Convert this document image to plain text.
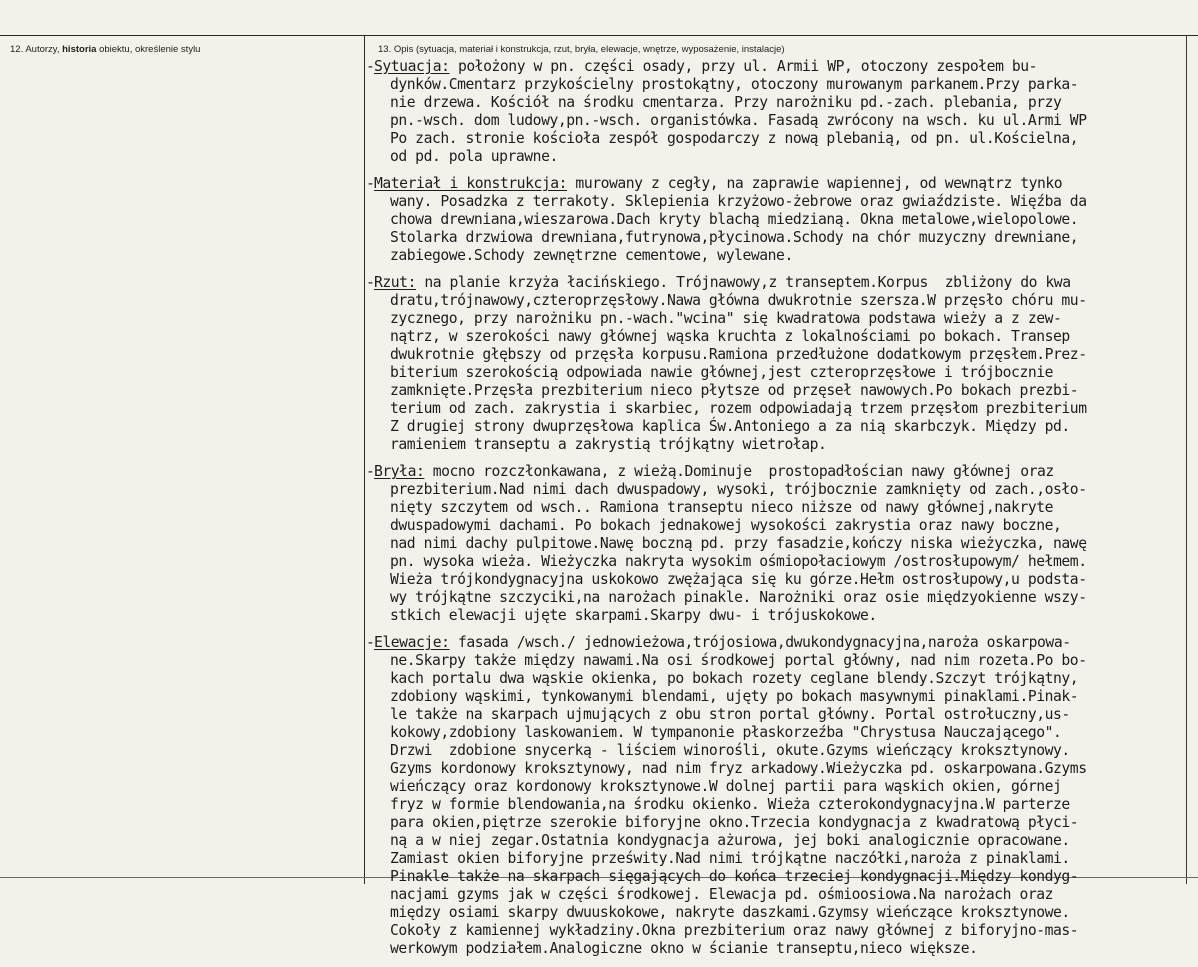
12. Autorzy, historia obiektu, określenie stylu	13. Opis (sytuacja, materiał i konstrukcja, rzut, bryła, elewacje, wnętrze, wyposażenie, instalacje)
-Sytuacja: położony w pn. części osady, przy ul. Armii WP, otoczony zespołem bu-
dynków.Cmentarz przykościelny prostokątny, otoczony murowanym parkanem.Przy parka-
nie drzewa. Kościół na środku cmentarza. Przy narożniku pd.-zach. plebania, przy
pn.-wsch. dom ludowy,pn.-wsch. organistówka. Fasadą zwrócony na wsch. ku ul.Armi WP
Po zach. stronie kościoła zespół gospodarczy z nową plebanią, od pn. ul.Kościelna,
od pd. pola uprawne.
-Materiał i konstrukcja: murowany z cegły, na zaprawie wapiennej, od wewnątrz tynko
wany. Posadzka z terrakoty. Sklepienia krzyżowo-żebrowe oraz gwiaździste. Więźba da
chowa drewniana,wieszarowa.Dach kryty blachą miedzianą. Okna metalowe,wielopolowe.
Stolarka drzwiowa drewniana,futrynowa,płycinowa.Schody na chór muzyczny drewniane,
zabiegowe.Schody zewnętrzne cementowe, wylewane.
-Rzut: na planie krzyża łacińskiego. Trójnawowy,z transeptem.Korpus  zbliżony do kwa
dratu,trójnawowy,czteroprzęsłowy.Nawa główna dwukrotnie szersza.W przęsło chóru mu-
zycznego, przy narożniku pn.-wach."wcina" się kwadratowa podstawa wieży a z zew-
nątrz, w szerokości nawy głównej wąska kruchta z lokalnościami po bokach. Transep
dwukrotnie głębszy od przęsła korpusu.Ramiona przedłużone dodatkowym przęsłem.Prez-
biterium szerokością odpowiada nawie głównej,jest czteroprzęsłowe i trójbocznie
zamknięte.Przęsła prezbiterium nieco płytsze od przęseł nawowych.Po bokach prezbi-
terium od zach. zakrystia i skarbiec, rozem odpowiadają trzem przęsłom prezbiterium
Z drugiej strony dwuprzęsłowa kaplica Św.Antoniego a za nią skarbczyk. Między pd.
ramieniem transeptu a zakrystią trójkątny wietrołap.
-Bryła: mocno rozczłonkawana, z wieżą.Dominuje  prostopadłościan nawy głównej oraz
prezbiterium.Nad nimi dach dwuspadowy, wysoki, trójbocznie zamknięty od zach.,osło-
nięty szczytem od wsch.. Ramiona transeptu nieco niższe od nawy głównej,nakryte
dwuspadowymi dachami. Po bokach jednakowej wysokości zakrystia oraz nawy boczne,
nad nimi dachy pulpitowe.Nawę boczną pd. przy fasadzie,kończy niska wieżyczka, nawę
pn. wysoka wieża. Wieżyczka nakryta wysokim ośmiopołaciowym /ostrosłupowym/ hełmem.
Wieża trójkondygnacyjna uskokowo zwężająca się ku górze.Hełm ostrosłupowy,u podsta-
wy trójkątne szczyciki,na narożach pinakle. Narożniki oraz osie międzyokienne wszy-
stkich elewacji ujęte skarpami.Skarpy dwu- i trójuskokowe.
-Elewacje: fasada /wsch./ jednowieżowa,trójosiowa,dwukondygnacyjna,naroża oskarpowa-
ne.Skarpy także między nawami.Na osi środkowej portal główny, nad nim rozeta.Po bo-
kach portalu dwa wąskie okienka, po bokach rozety ceglane blendy.Szczyt trójkątny,
zdobiony wąskimi, tynkowanymi blendami, ujęty po bokach masywnymi pinaklami.Pinak-
le także na skarpach ujmujących z obu stron portal główny. Portal ostrołuczny,us-
kokowy,zdobiony laskowaniem. W tympanonie płaskorzeźba "Chrystusa Nauczającego".
Drzwi  zdobione snycerką - liściem winorośli, okute.Gzyms wieńczący kroksztynowy.
Gzyms kordonowy kroksztynowy, nad nim fryz arkadowy.Wieżyczka pd. oskarpowana.Gzyms
wieńczący oraz kordonowy kroksztynowe.W dolnej partii para wąskich okien, górnej
fryz w formie blendowania,na środku okienko. Wieża czterokondygnacyjna.W parterze
para okien,piętrze szerokie biforyjne okno.Trzecia kondygnacja z kwadratową płyci-
ną a w niej zegar.Ostatnia kondygnacja ażurowa, jej boki analogicznie opracowane.
Zamiast okien biforyjne prześwity.Nad nimi trójkątne naczółki,naroża z pinaklami.
Pinakle także na skarpach sięgających do końca trzeciej kondygnacji.Między kondyg-
nacjami gzyms jak w części środkowej. Elewacja pd. ośmioosiowa.Na narożach oraz
między osiami skarpy dwuuskokowe, nakryte daszkami.Gzymsy wieńczące kroksztynowe.
Cokoły z kamiennej wykładziny.Okna prezbiterium oraz nawy głównej z biforyjno-mas-
werkowym podziałem.Analogiczne okno w ścianie transeptu,nieco większe.
